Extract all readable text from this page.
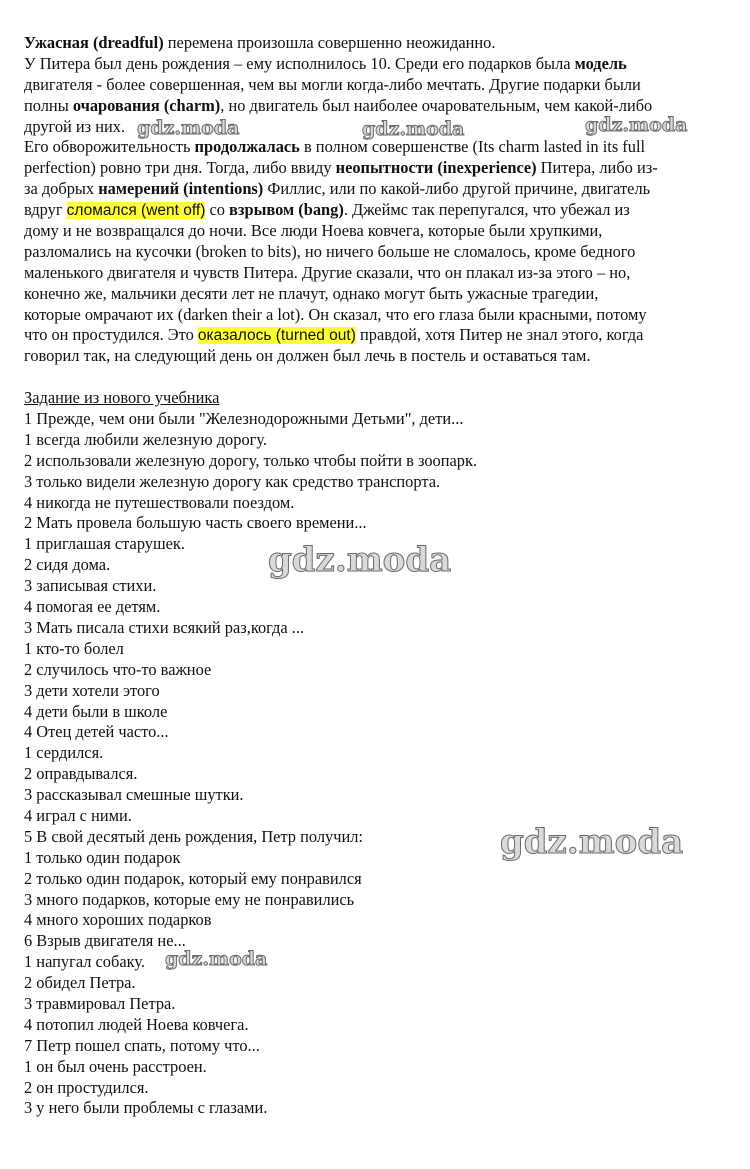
Ужасная (dreadful) перемена произошла совершенно неожиданно.
У Питера был день рождения – ему исполнилось 10. Среди его подарков была модель
двигателя - более совершенная, чем вы могли когда-либо мечтать. Другие подарки были
полны очарования (charm), но двигатель был наиболее очаровательным, чем какой-либо
другой из них.
Его обворожительность продолжалась в полном совершенстве (Its charm lasted in its full
perfection) ровно три дня. Тогда, либо ввиду неопытности (inexperience) Питера, либо из-
за добрых намерений (intentions) Филлис, или по какой-либо другой причине, двигатель
вдруг сломался (went off) со взрывом (bang). Джеймс так перепугался, что убежал из
дому и не возвращался до ночи. Все люди Ноева ковчега, которые были хрупкими,
разломались на кусочки (broken to bits), но ничего больше не сломалось, кроме бедного
маленького двигателя и чувств Питера. Другие сказали, что он плакал из-за этого – но,
конечно же, мальчики десяти лет не плачут, однако могут быть ужасные трагедии,
которые омрачают их (darken their a lot). Он сказал, что его глаза были красными, потому
что он простудился. Это оказалось (turned out) правдой, хотя Питер не знал этого, когда
говорил так, на следующий день он должен был лечь в постель и оставаться там.
Задание из нового учебника
1 Прежде, чем они были "Железнодорожными Детьми", дети...
1 всегда любили железную дорогу.
2 использовали железную дорогу, только чтобы пойти в зоопарк.
3 только видели железную дорогу как средство транспорта.
4 никогда не путешествовали поездом.
2 Мать провела большую часть своего времени...
1 приглашая старушек.
2 сидя дома.
3 записывая стихи.
4 помогая ее детям.
3 Мать писала стихи всякий раз,когда ...
1 кто-то болел
2 случилось что-то важное
3 дети хотели этого
4 дети были в школе
4 Отец детей часто...
1 сердился.
2 оправдывался.
3 рассказывал смешные шутки.
4 играл с ними.
5 В свой десятый день рождения, Петр получил:
1 только один подарок
2 только один подарок, который ему понравился
3 много подарков, которые ему не понравились
4 много хороших подарков
6 Взрыв двигателя не...
1 напугал собаку.
2 обидел Петра.
3 травмировал Петра.
4 потопил людей Ноева ковчега.
7 Петр пошел спать, потому что...
1 он был очень расстроен.
2 он простудился.
3 у него были проблемы с глазами.
gdz.moda	gdz.moda	gdz.moda
gdz.moda
gdz.moda
gdz.moda
